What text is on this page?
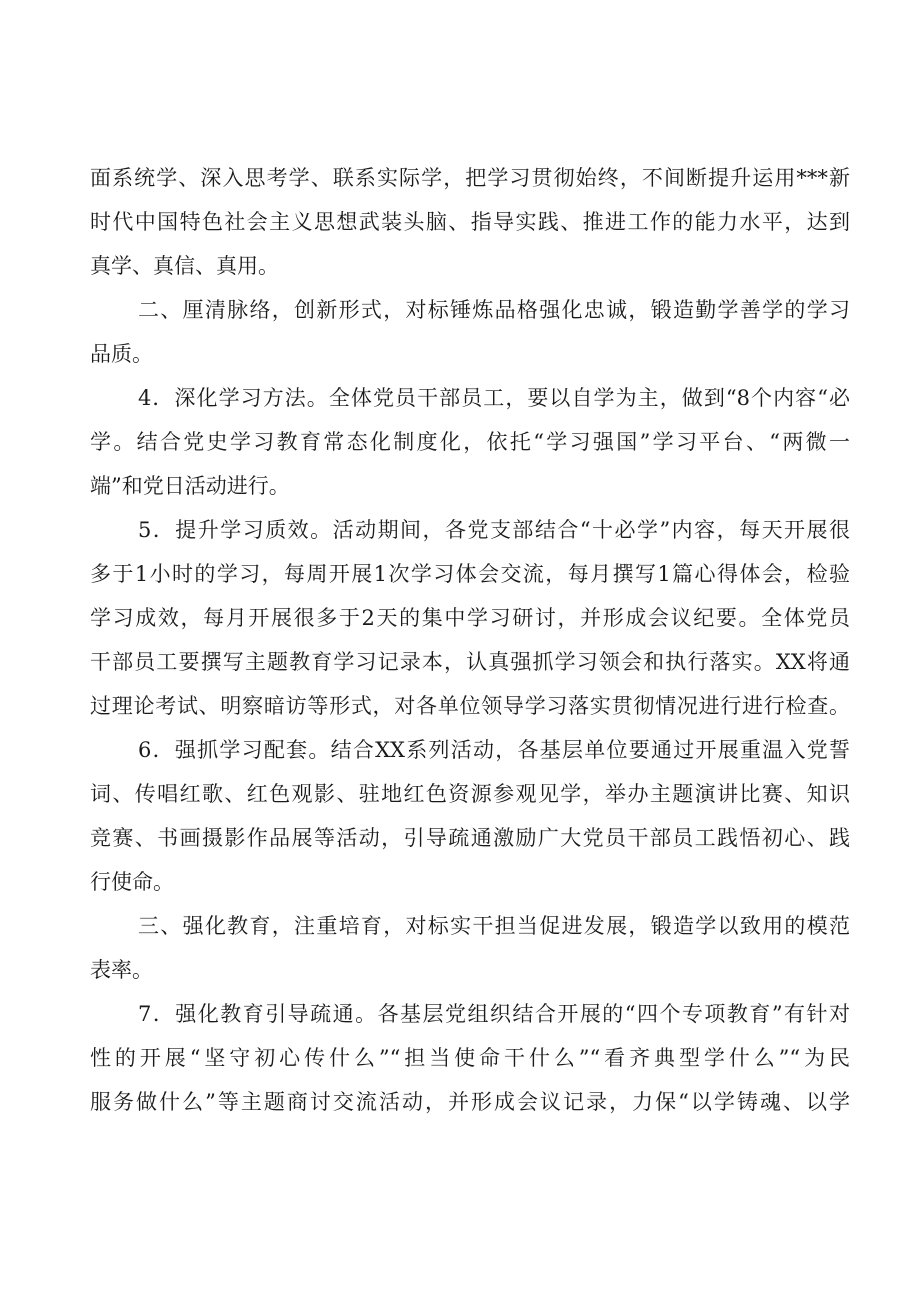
面系统学、深入思考学、联系实际学，把学习贯彻始终，不间断提升运用***新

时代中国特色社会主义思想武装头脑、指导实践、推进工作的能力水平，达到

真学、真信、真用。

二、厘清脉络，创新形式，对标锤炼品格强化忠诚，锻造勤学善学的学习

品质。

4．深化学习方法。全体党员干部员工，要以自学为主，做到“8个内容“必

学。结合党史学习教育常态化制度化，依托“学习强国”学习平台、“两微一

端”和党日活动进行。

5．提升学习质效。活动期间，各党支部结合“十必学”内容，每天开展很

多于1小时的学习，每周开展1次学习体会交流，每月撰写1篇心得体会，检验

学习成效，每月开展很多于2天的集中学习研讨，并形成会议纪要。全体党员

干部员工要撰写主题教育学习记录本，认真强抓学习领会和执行落实。XX将通

过理论考试、明察暗访等形式，对各单位领导学习落实贯彻情况进行进行检查。

6．强抓学习配套。结合XX系列活动，各基层单位要通过开展重温入党誓

词、传唱红歌、红色观影、驻地红色资源参观见学，举办主题演讲比赛、知识

竞赛、书画摄影作品展等活动，引导疏通激励广大党员干部员工践悟初心、践

行使命。

三、强化教育，注重培育，对标实干担当促进发展，锻造学以致用的模范

表率。

7．强化教育引导疏通。各基层党组织结合开展的“四个专项教育”有针对

性的开展“坚守初心传什么”“担当使命干什么”“看齐典型学什么”“为民

服务做什么”等主题商讨交流活动，并形成会议记录，力保“以学铸魂、以学
